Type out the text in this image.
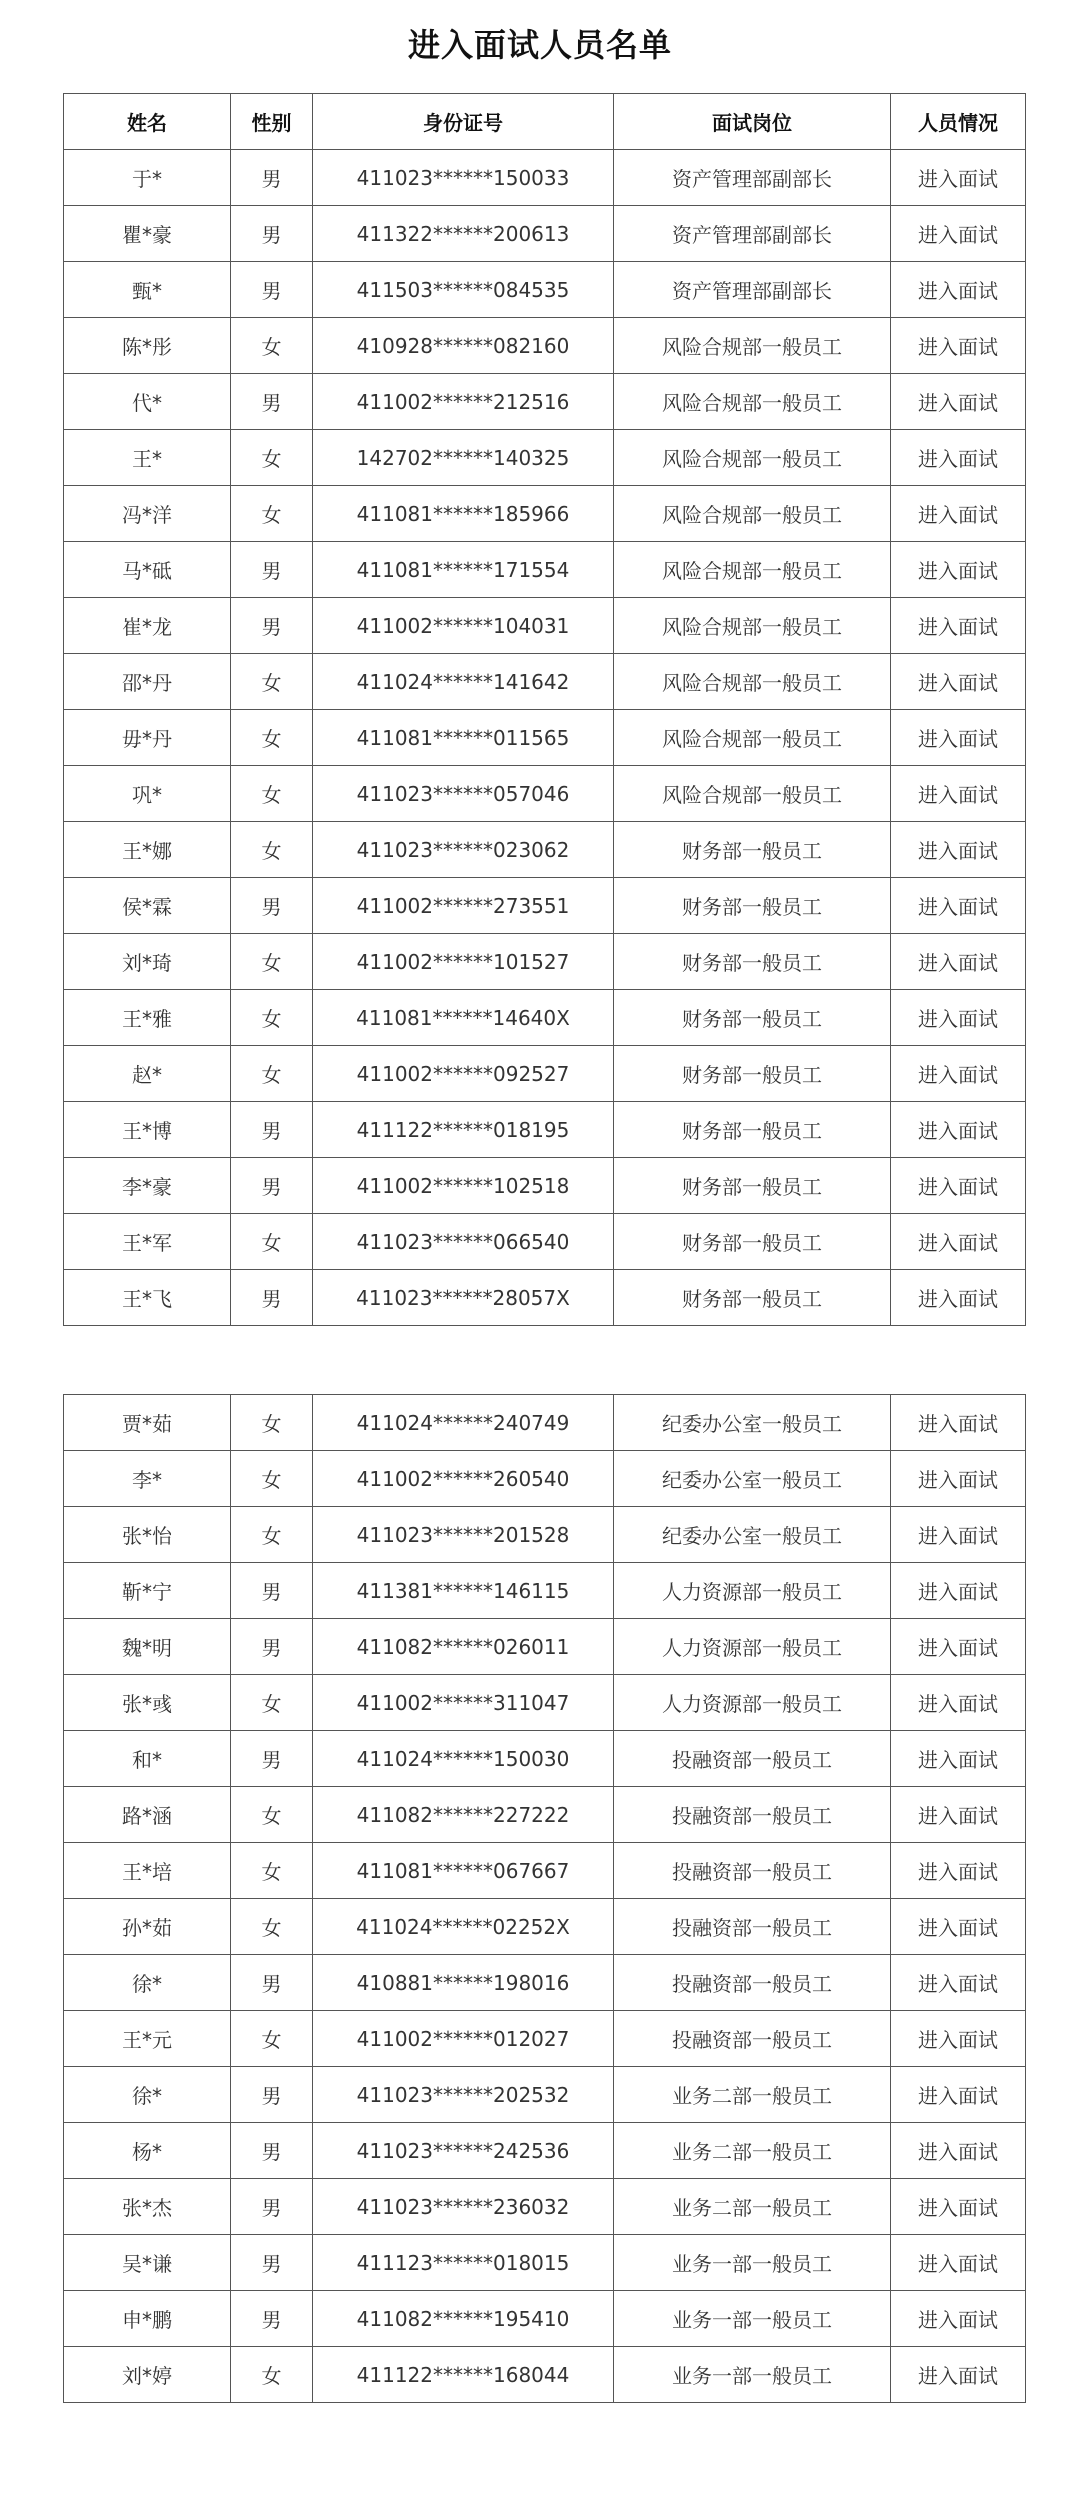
进入面试人员名单
姓名	性别	身份证号	面试岗位	人员情况
于*	男	411023******150033	资产管理部副部长	进入面试
瞿*豪	男	411322******200613	资产管理部副部长	进入面试
甄*	男	411503******084535	资产管理部副部长	进入面试
陈*彤	女	410928******082160	风险合规部一般员工	进入面试
代*	男	411002******212516	风险合规部一般员工	进入面试
王*	女	142702******140325	风险合规部一般员工	进入面试
冯*洋	女	411081******185966	风险合规部一般员工	进入面试
马*砥	男	411081******171554	风险合规部一般员工	进入面试
崔*龙	男	411002******104031	风险合规部一般员工	进入面试
邵*丹	女	411024******141642	风险合规部一般员工	进入面试
毋*丹	女	411081******011565	风险合规部一般员工	进入面试
巩*	女	411023******057046	风险合规部一般员工	进入面试
王*娜	女	411023******023062	财务部一般员工	进入面试
侯*霖	男	411002******273551	财务部一般员工	进入面试
刘*琦	女	411002******101527	财务部一般员工	进入面试
王*雅	女	411081******14640X	财务部一般员工	进入面试
赵*	女	411002******092527	财务部一般员工	进入面试
王*博	男	411122******018195	财务部一般员工	进入面试
李*豪	男	411002******102518	财务部一般员工	进入面试
王*军	女	411023******066540	财务部一般员工	进入面试
王*飞	男	411023******28057X	财务部一般员工	进入面试
贾*茹	女	411024******240749	纪委办公室一般员工	进入面试
李*	女	411002******260540	纪委办公室一般员工	进入面试
张*怡	女	411023******201528	纪委办公室一般员工	进入面试
靳*宁	男	411381******146115	人力资源部一般员工	进入面试
魏*明	男	411082******026011	人力资源部一般员工	进入面试
张*彧	女	411002******311047	人力资源部一般员工	进入面试
和*	男	411024******150030	投融资部一般员工	进入面试
路*涵	女	411082******227222	投融资部一般员工	进入面试
王*培	女	411081******067667	投融资部一般员工	进入面试
孙*茹	女	411024******02252X	投融资部一般员工	进入面试
徐*	男	410881******198016	投融资部一般员工	进入面试
王*元	女	411002******012027	投融资部一般员工	进入面试
徐*	男	411023******202532	业务二部一般员工	进入面试
杨*	男	411023******242536	业务二部一般员工	进入面试
张*杰	男	411023******236032	业务二部一般员工	进入面试
吴*谦	男	411123******018015	业务一部一般员工	进入面试
申*鹏	男	411082******195410	业务一部一般员工	进入面试
刘*婷	女	411122******168044	业务一部一般员工	进入面试
